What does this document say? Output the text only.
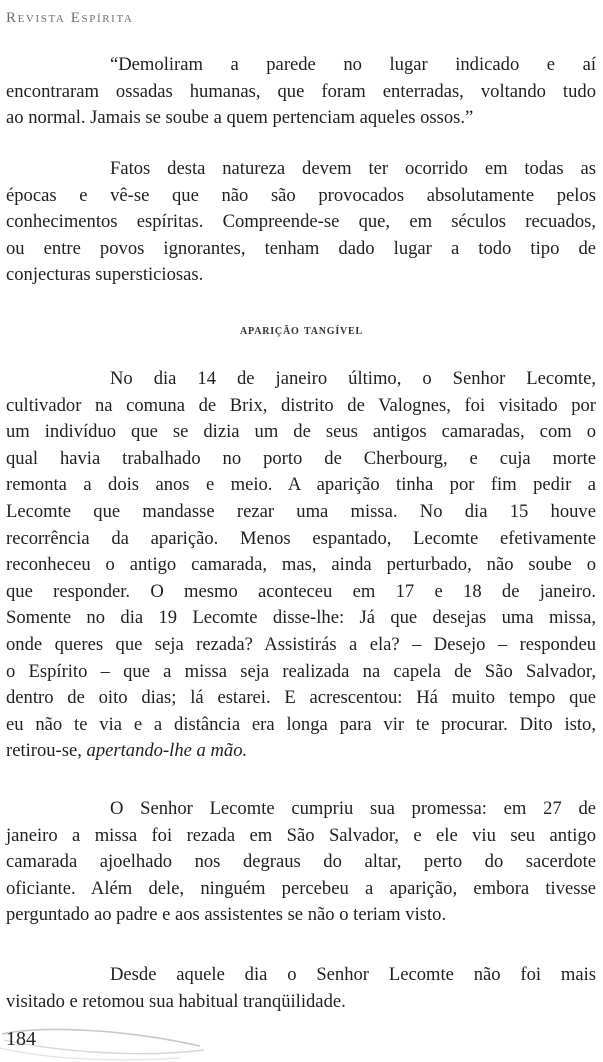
Revista Espírita

“Demoliram a parede no lugar indicado e aí
encontraram ossadas humanas, que foram enterradas, voltando tudo
ao normal. Jamais se soube a quem pertenciam aqueles ossos.”

Fatos desta natureza devem ter ocorrido em todas as
épocas e vê-se que não são provocados absolutamente pelos
conhecimentos espíritas. Compreende-se que, em séculos recuados,
ou entre povos ignorantes, tenham dado lugar a todo tipo de
conjecturas supersticiosas.

aparição tangível

No dia 14 de janeiro último, o Senhor Lecomte,
cultivador na comuna de Brix, distrito de Valognes, foi visitado por
um indivíduo que se dizia um de seus antigos camaradas, com o
qual havia trabalhado no porto de Cherbourg, e cuja morte
remonta a dois anos e meio. A aparição tinha por fim pedir a
Lecomte que mandasse rezar uma missa. No dia 15 houve
recorrência da aparição. Menos espantado, Lecomte efetivamente
reconheceu o antigo camarada, mas, ainda perturbado, não soube o
que responder. O mesmo aconteceu em 17 e 18 de janeiro.
Somente no dia 19 Lecomte disse-lhe: Já que desejas uma missa,
onde queres que seja rezada? Assistirás a ela? – Desejo – respondeu
o Espírito – que a missa seja realizada na capela de São Salvador,
dentro de oito dias; lá estarei. E acrescentou: Há muito tempo que
eu não te via e a distância era longa para vir te procurar. Dito isto,
retirou-se, apertando-lhe a mão.

O Senhor Lecomte cumpriu sua promessa: em 27 de
janeiro a missa foi rezada em São Salvador, e ele viu seu antigo
camarada ajoelhado nos degraus do altar, perto do sacerdote
oficiante. Além dele, ninguém percebeu a aparição, embora tivesse
perguntado ao padre e aos assistentes se não o teriam visto.

Desde aquele dia o Senhor Lecomte não foi mais
visitado e retomou sua habitual tranqüilidade.

184
